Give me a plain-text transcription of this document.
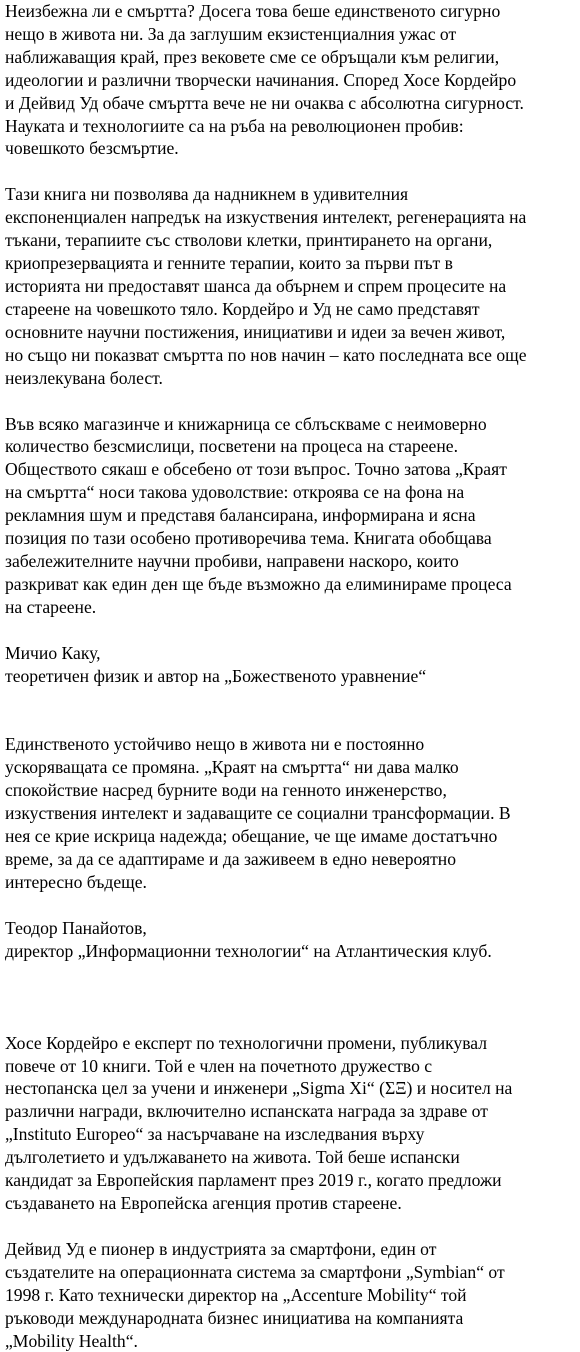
Неизбежна ли е смъртта? Досега това беше единственото сигурно
нещо в живота ни. За да заглушим екзистенциалния ужас от
наближаващия край, през вековете сме се обръщали към религии,
идеологии и различни творчески начинания. Според Хосе Кордейро
и Дейвид Уд обаче смъртта вече не ни очаква с абсолютна сигурност.
Науката и технологиите са на ръба на революционен пробив:
човешкото безсмъртие.

Тази книга ни позволява да надникнем в удивителния
експоненциален напредък на изкуствения интелект, регенерацията на
тъкани, терапиите със стволови клетки, принтирането на органи,
криопрезервацията и генните терапии, които за първи път в
историята ни предоставят шанса да обърнем и спрем процесите на
стареене на човешкото тяло. Кордейро и Уд не само представят
основните научни постижения, инициативи и идеи за вечен живот,
но също ни показват смъртта по нов начин – като последната все още
неизлекувана болест.

Във всяко магазинче и книжарница се сблъскваме с неимоверно
количество безсмислици, посветени на процеса на стареене.
Обществото сякаш е обсебено от този въпрос. Точно затова „Краят
на смъртта“ носи такова удоволствие: откроява се на фона на
рекламния шум и представя балансирана, информирана и ясна
позиция по тази особено противоречива тема. Книгата обобщава
забележителните научни пробиви, направени наскоро, които
разкриват как един ден ще бъде възможно да елиминираме процеса
на стареене.

Мичио Каку,
теоретичен физик и автор на „Божественото уравнение“

Единственото устойчиво нещо в живота ни е постоянно
ускоряващата се промяна. „Краят на смъртта“ ни дава малко
спокойствие насред бурните води на генното инженерство,
изкуствения интелект и задаващите се социални трансформации. В
нея се крие искрица надежда; обещание, че ще имаме достатъчно
време, за да се адаптираме и да заживеем в едно невероятно
интересно бъдеще.

Теодор Панайотов,
директор „Информационни технологии“ на Атлантическия клуб.

Хосе Кордейро е експерт по технологични промени, публикувал
повече от 10 книги. Той е член на почетното дружество с
нестопанска цел за учени и инженери „Sigma Xi“ (ΣΞ) и носител на
различни награди, включително испанската награда за здраве от
„Instituto Europeo“ за насърчаване на изследвания върху
дълголетието и удължаването на живота. Той беше испански
кандидат за Европейския парламент през 2019 г., когато предложи
създаването на Европейска агенция против стареене.

Дейвид Уд е пионер в индустрията за смартфони, един от
създателите на операционната система за смартфони „Symbian“ от
1998 г. Като технически директор на „Accenture Mobility“ той
ръководи международната бизнес инициатива на компанията
„Mobility Health“.
